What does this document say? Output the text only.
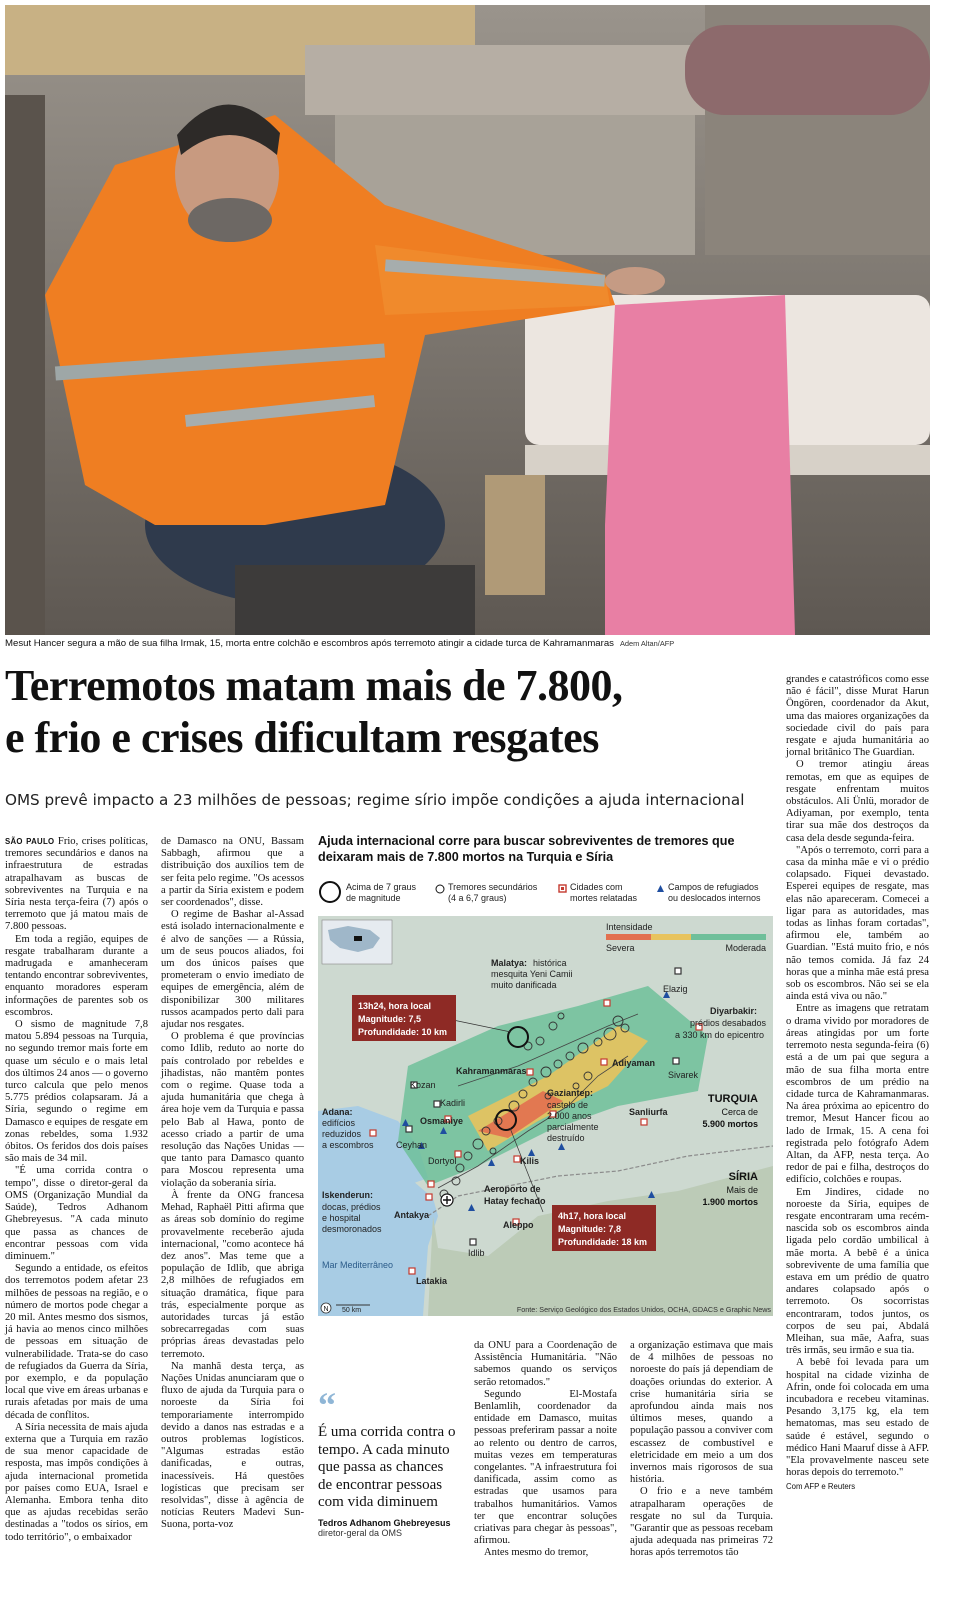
Mesut Hancer segura a mão de sua filha Irmak, 15, morta entre colchão e escombros após terremoto atingir a cidade turca de Kahramanmaras Adem Altan/AFP
Terremotos matam mais de 7.800,
e frio e crises dificultam resgates
OMS prevê impacto a 23 milhões de pessoas; regime sírio impõe condições a ajuda internacional

SÃO PAULO Frio, crises políticas, tremores secundários e danos na infraestrutura de estradas atrapalhavam as buscas de sobreviventes na Turquia e na Síria nesta terça-feira (7) após o terremoto que já matou mais de 7.800 pessoas.

Em toda a região, equipes de resgate trabalharam durante a madrugada e amanheceram tentando encontrar sobreviventes, enquanto moradores esperam informações de parentes sob os escombros.

O sismo de magnitude 7,8 matou 5.894 pessoas na Turquia, no segundo tremor mais forte em quase um século e o mais letal dos últimos 24 anos — o governo turco calcula que pelo menos 5.775 prédios colapsaram. Já a Síria, segundo o regime em Damasco e equipes de resgate em zonas rebeldes, soma 1.932 óbitos. Os feridos dos dois países são mais de 34 mil.

"É uma corrida contra o tempo", disse o diretor-geral da OMS (Organização Mundial da Saúde), Tedros Adhanom Ghebreyesus. "A cada minuto que passa as chances de encontrar pessoas com vida diminuem."

Segundo a entidade, os efeitos dos terremotos podem afetar 23 milhões de pessoas na região, e o número de mortos pode chegar a 20 mil. Antes mesmo dos sismos, já havia ao menos cinco milhões de pessoas em situação de vulnerabilidade. Trata-se do caso de refugiados da Guerra da Síria, por exemplo, e da população local que vive em áreas urbanas e rurais afetadas por mais de uma década de conflitos.

A Síria necessita de mais ajuda externa que a Turquia em razão de sua menor capacidade de resposta, mas impôs condições à ajuda internacional prometida por países como EUA, Israel e Alemanha. Embora tenha dito que as ajudas recebidas serão destinadas a "todos os sírios, em todo território", o embaixador

de Damasco na ONU, Bassam Sabbagh, afirmou que a distribuição dos auxílios tem de ser feita pelo regime. "Os acessos a partir da Síria existem e podem ser coordenados", disse.

O regime de Bashar al-Assad está isolado internacionalmente e é alvo de sanções — a Rússia, um de seus poucos aliados, foi um dos únicos países que prometeram o envio imediato de equipes de emergência, além de disponibilizar 300 militares russos acampados perto dali para ajudar nos resgates.

O problema é que províncias como Idlib, reduto ao norte do país controlado por rebeldes e jihadistas, não mantêm pontes com o regime. Quase toda a ajuda humanitária que chega à área hoje vem da Turquia e passa pelo Bab al Hawa, ponto de acesso criado a partir de uma resolução das Nações Unidas — que tanto para Damasco quanto para Moscou representa uma violação da soberania síria.

À frente da ONG francesa Mehad, Raphaël Pitti afirma que as áreas sob domínio do regime provavelmente receberão ajuda internacional, "como acontece há dez anos". Mas teme que a população de Idlib, que abriga 2,8 milhões de refugiados em situação dramática, fique para trás, especialmente porque as autoridades turcas já estão sobrecarregadas com suas próprias áreas devastadas pelo terremoto.

Na manhã desta terça, as Nações Unidas anunciaram que o fluxo de ajuda da Turquia para o noroeste da Síria foi temporariamente interrompido devido a danos nas estradas e a outros problemas logísticos. "Algumas estradas estão danificadas, e outras, inacessíveis. Há questões logísticas que precisam ser resolvidas", disse à agência de notícias Reuters Madevi Sun-Suona, porta-voz

Ajuda internacional corre para buscar sobreviventes de tremores que deixaram mais de 7.800 mortos na Turquia e Síria
Acima de 7 graus
de magnitude
Tremores secundários
(4 a 6,7 graus)
Cidades com
mortes relatadas
Campos de refugiados
ou deslocados internos
Intensidade
Severa	Moderada
13h24, hora local
Magnitude: 7,5
Profundidade: 10 km
4h17, hora local
Magnitude: 7,8
Profundidade: 18 km
Malatya: histórica
mesquita Yeni Camii
muito danificada	Elazig
Diyarbakir:
prédios desabados
a 330 km do epicentro
Adiyaman
Kahramanmaras	Sivarek
Kozan
Kadirli
Osmaniye
Gaziantep:
castelo de
2.000 anos
parcialmente
destruído
Sanliurfa
Adana:
edifícios
reduzidos
a escombros Ceyhan
Dortyol	Kilis
Iskenderun:
docas, prédios
e hospital
desmoronados
Aeroporto de
Hatay fechado
Antakya
Aleppo
Idlib
Latakia
Mar Mediterrâneo
TURQUIA
Cerca de
5.900 mortos
SÍRIA
Mais de
1.900 mortos
N 50 km	Fonte: Serviço Geológico dos Estados Unidos, OCHA, GDACS e Graphic News
“
É uma corrida contra o tempo. A cada minuto que passa as chances de encontrar pessoas com vida diminuem
Tedros Adhanom Ghebreyesus
diretor-geral da OMS

da ONU para a Coordenação de Assistência Humanitária. "Não sabemos quando os serviços serão retomados."

Segundo El-Mostafa Benlamlih, coordenador da entidade em Damasco, muitas pessoas preferiram passar a noite ao relento ou dentro de carros, muitas vezes em temperaturas congelantes. "A infraestrutura foi danificada, assim como as estradas que usamos para trabalhos humanitários. Vamos ter que encontrar soluções criativas para chegar às pessoas", afirmou.

Antes mesmo do tremor,

a organização estimava que mais de 4 milhões de pessoas no noroeste do país já dependiam de doações oriundas do exterior. A crise humanitária síria se aprofundou ainda mais nos últimos meses, quando a população passou a conviver com escassez de combustível e eletricidade em meio a um dos invernos mais rigorosos de sua história.

O frio e a neve também atrapalharam operações de resgate no sul da Turquia. "Garantir que as pessoas recebam ajuda adequada nas primeiras 72 horas após terremotos tão

grandes e catastróficos como esse não é fácil", disse Murat Harun Öngören, coordenador da Akut, uma das maiores organizações da sociedade civil do país para resgate e ajuda humanitária ao jornal britânico The Guardian.

O tremor atingiu áreas remotas, em que as equipes de resgate enfrentam muitos obstáculos. Ali Ünlü, morador de Adiyaman, por exemplo, tenta tirar sua mãe dos destroços da casa dela desde segunda-feira.

"Após o terremoto, corri para a casa da minha mãe e vi o prédio colapsado. Fiquei devastado. Esperei equipes de resgate, mas elas não apareceram. Comecei a ligar para as autoridades, mas todas as linhas foram cortadas", afirmou ele, também ao Guardian. "Está muito frio, e nós não temos comida. Já faz 24 horas que a minha mãe está presa sob os escombros. Não sei se ela ainda está viva ou não."

Entre as imagens que retratam o drama vivido por moradores de áreas atingidas por um forte terremoto nesta segunda-feira (6) está a de um pai que segura a mão de sua filha morta entre escombros de um prédio na cidade turca de Kahramanmaras. Na área próxima ao epicentro do tremor, Mesut Hancer ficou ao lado de Irmak, 15. A cena foi registrada pelo fotógrafo Adem Altan, da AFP, nesta terça. Ao redor de pai e filha, destroços do edifício, colchões e roupas.

Em Jindires, cidade no noroeste da Síria, equipes de resgate encontraram uma recém-nascida sob os escombros ainda ligada pelo cordão umbilical à mãe morta. A bebê é a única sobrevivente de uma família que estava em um prédio de quatro andares colapsado após o terremoto. Os socorristas encontraram, todos juntos, os corpos de seu pai, Abdalá Mleihan, sua mãe, Aafra, suas três irmãs, seu irmão e sua tia.

A bebê foi levada para um hospital na cidade vizinha de Afrin, onde foi colocada em uma incubadora e recebeu vitaminas. Pesando 3,175 kg, ela tem hematomas, mas seu estado de saúde é estável, segundo o médico Hani Maaruf disse à AFP. "Ela provavelmente nasceu sete horas depois do terremoto."

Com AFP e Reuters
